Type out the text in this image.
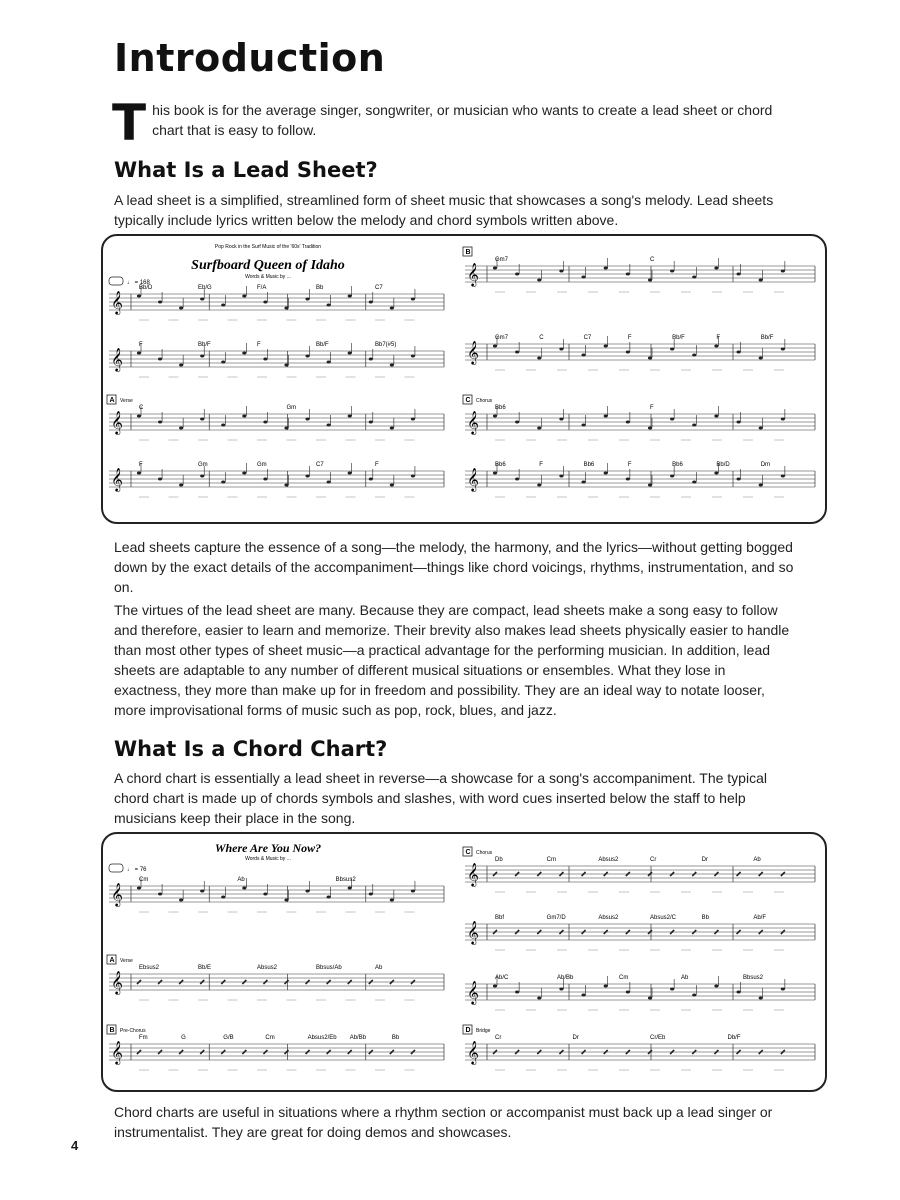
Introduction
T his book is for the average singer, songwriter, or musician who wants to create a lead sheet or chord chart that is easy to follow.
What Is a Lead Sheet?
A lead sheet is a simplified, streamlined form of sheet music that showcases a song's melody. Lead sheets typically include lyrics written below the melody and chord symbols written above.
Pop Rock in the Surf Music of the '60s' Tradition
Surfboard Queen of Idaho
Words & Music by ...
♩ = 168
𝄞
Bb/D	Eb/G	F/A	Bb	C7
𝄞
F	Bb/F	F	Bb/F	Bb7(#5)
𝄞
C	Gm
A Verse
𝄞
F	Gm	Gm	C7	F
𝄞
Gm7	C
B
𝄞
Gm7	C	C7	F	Bb/F	F	Bb/F
𝄞
Bb6	F
C Chorus
𝄞
Bb6	F	Bb6	F	Bb6	Bb/D	Dm
Lead sheets capture the essence of a song—the melody, the harmony, and the lyrics—without getting bogged down by the exact details of the accompaniment—things like chord voicings, rhythms, instrumentation, and so on.
The virtues of the lead sheet are many. Because they are compact, lead sheets make a song easy to follow and therefore, easier to learn and memorize. Their brevity also makes lead sheets physically easier to handle than most other types of sheet music—a practical advantage for the performing musician. In addition, lead sheets are adaptable to any number of different musical situations or ensembles. What they lose in exactness, they more than make up for in freedom and possibility. They are an ideal way to notate looser, more improvisational forms of music such as pop, rock, blues, and jazz.
What Is a Chord Chart?
A chord chart is essentially a lead sheet in reverse—a showcase for a song's accompaniment. The typical chord chart is made up of chords symbols and slashes, with word cues inserted below the staff to help musicians keep their place in the song.
Where Are You Now?
Words & Music by ...
♩ = 76
𝄞
Cm	Ab	Bbsus2
𝄞
Ebsus2	Bb/E	Absus2	Bbsus/Ab	Ab
A Verse
𝄞
Fm	G	G/B	Cm	Absus2/Eb Ab/Bb	Bb
B Pre-Chorus
𝄞
Db	Cm	Absus2	Cr	Dr	Ab
C Chorus
𝄞
Bbf	Gm7/D	Absus2	Absus2/C	Bb	Ab/F
𝄞
Ab/C	Ab/Bb	Cm	Ab	Bbsus2
𝄞
Cr	Dr	Cr/Eb	Db/F
D Bridge
Chord charts are useful in situations where a rhythm section or accompanist must back up a lead singer or instrumentalist. They are great for doing demos and showcases.
4
